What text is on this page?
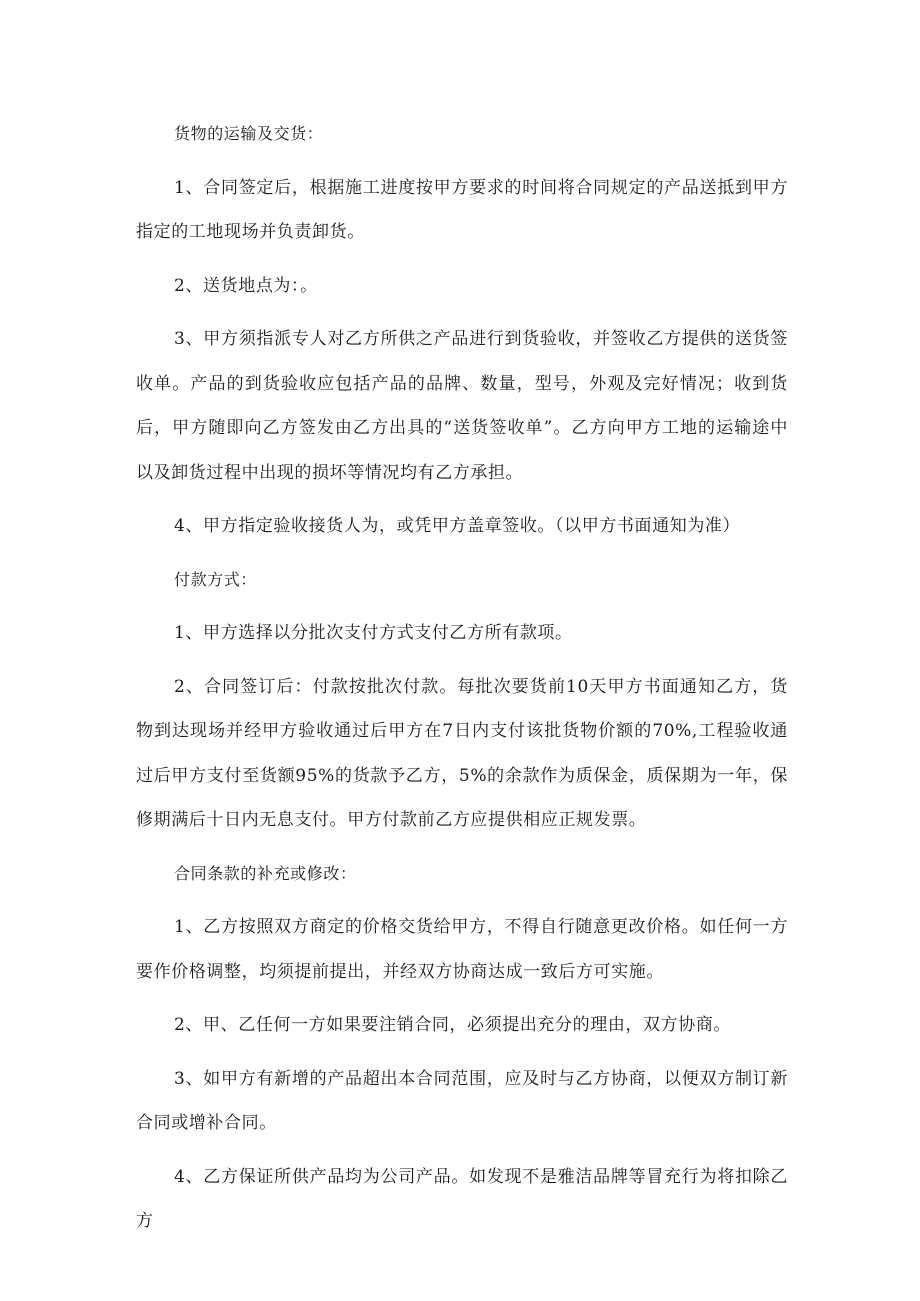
货物的运输及交货：

1、合同签定后，根据施工进度按甲方要求的时间将合同规定的产品送抵到甲方指定的工地现场并负责卸货。

2、送货地点为：。

3、甲方须指派专人对乙方所供之产品进行到货验收，并签收乙方提供的送货签收单。产品的到货验收应包括产品的品牌、数量，型号，外观及完好情况；收到货后，甲方随即向乙方签发由乙方出具的“送货签收单”。乙方向甲方工地的运输途中以及卸货过程中出现的损坏等情况均有乙方承担。

4、甲方指定验收接货人为，或凭甲方盖章签收。（以甲方书面通知为准）

付款方式：

1、甲方选择以分批次支付方式支付乙方所有款项。

2、合同签订后：付款按批次付款。每批次要货前10天甲方书面通知乙方，货物到达现场并经甲方验收通过后甲方在7日内支付该批货物价额的70%,工程验收通过后甲方支付至货额95%的货款予乙方，5%的余款作为质保金，质保期为一年，保修期满后十日内无息支付。甲方付款前乙方应提供相应正规发票。

合同条款的补充或修改：

1、乙方按照双方商定的价格交货给甲方，不得自行随意更改价格。如任何一方要作价格调整，均须提前提出，并经双方协商达成一致后方可实施。

2、甲、乙任何一方如果要注销合同，必须提出充分的理由，双方协商。

3、如甲方有新增的产品超出本合同范围，应及时与乙方协商，以便双方制订新合同或增补合同。

4、乙方保证所供产品均为公司产品。如发现不是雅洁品牌等冒充行为将扣除乙方
